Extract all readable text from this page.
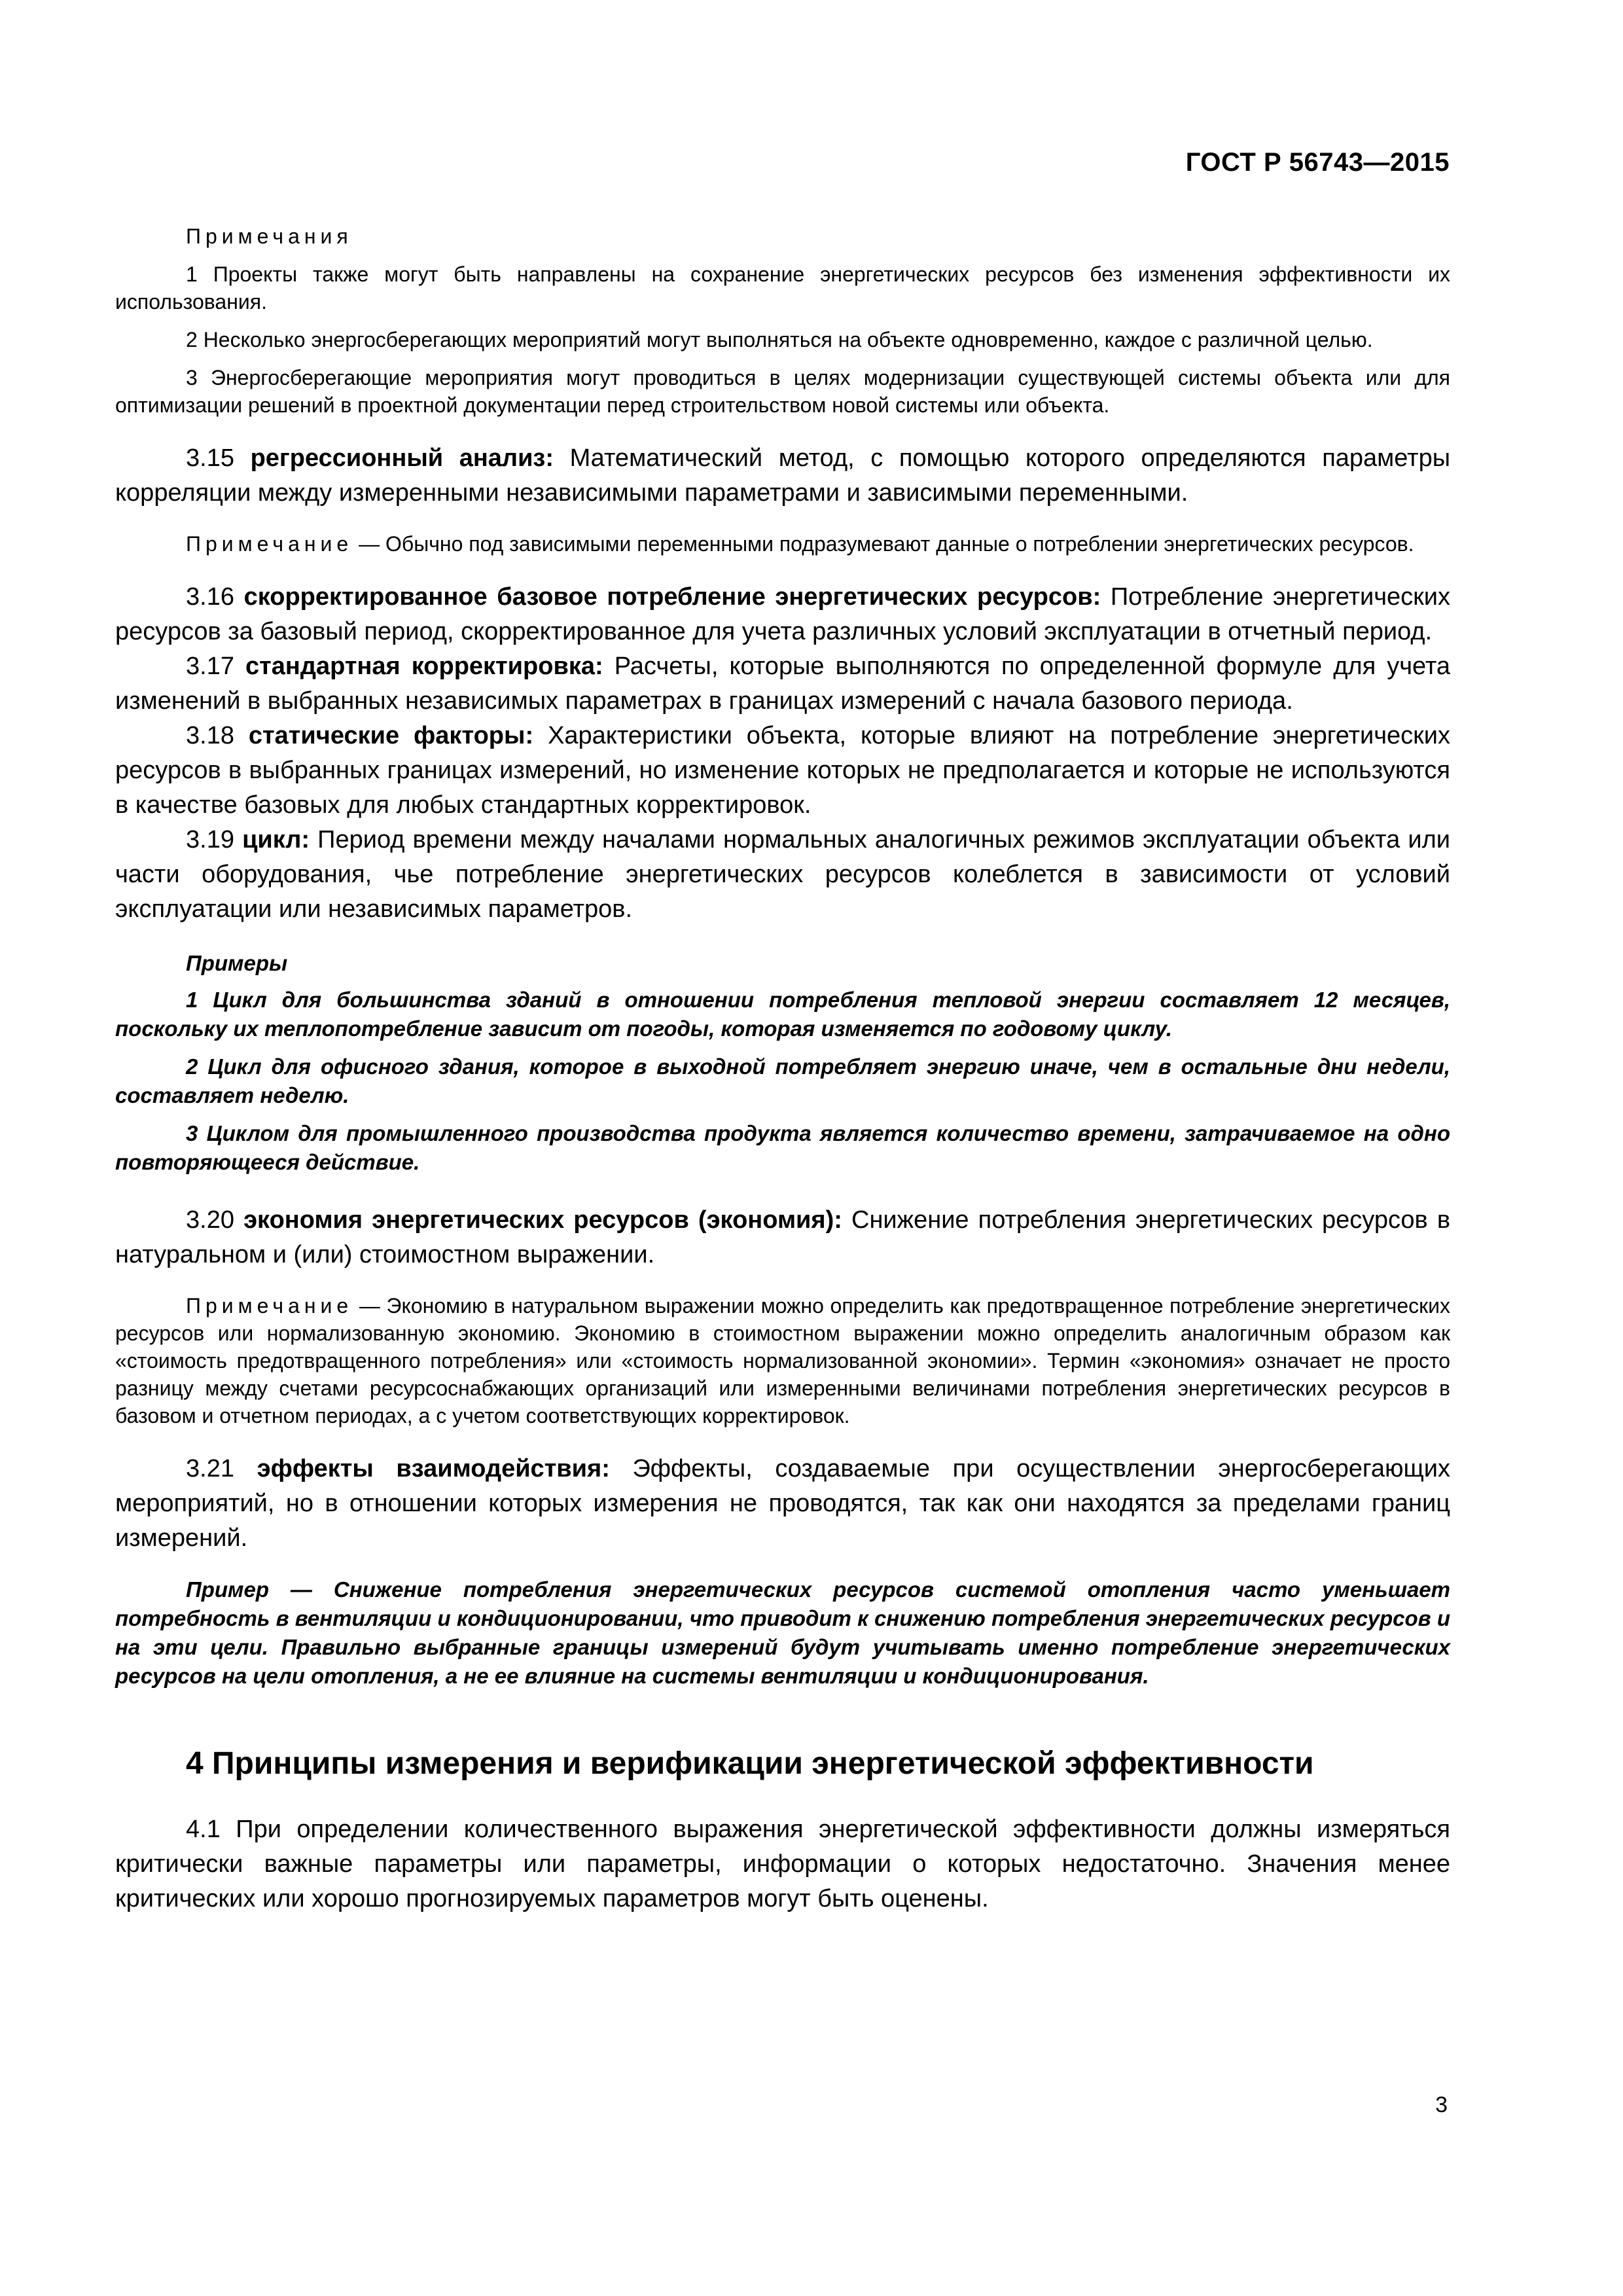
ГОСТ Р 56743—2015

Примечания

1 Проекты также могут быть направлены на сохранение энергетических ресурсов без изменения эффективности их использования.

2 Несколько энергосберегающих мероприятий могут выполняться на объекте одновременно, каждое с различной целью.

3 Энергосберегающие мероприятия могут проводиться в целях модернизации существующей системы объекта или для оптимизации решений в проектной документации перед строительством новой системы или объекта.

3.15 регрессионный анализ: Математический метод, с помощью которого определяются параметры корреляции между измеренными независимыми параметрами и зависимыми переменными.

Примечание — Обычно под зависимыми переменными подразумевают данные о потреблении энергетических ресурсов.

3.16 скорректированное базовое потребление энергетических ресурсов: Потребление энергетических ресурсов за базовый период, скорректированное для учета различных условий эксплуатации в отчетный период.

3.17 стандартная корректировка: Расчеты, которые выполняются по определенной формуле для учета изменений в выбранных независимых параметрах в границах измерений с начала базового периода.

3.18 статические факторы: Характеристики объекта, которые влияют на потребление энергетических ресурсов в выбранных границах измерений, но изменение которых не предполагается и которые не используются в качестве базовых для любых стандартных корректировок.

3.19 цикл: Период времени между началами нормальных аналогичных режимов эксплуатации объекта или части оборудования, чье потребление энергетических ресурсов колеблется в зависимости от условий эксплуатации или независимых параметров.

Примеры

1 Цикл для большинства зданий в отношении потребления тепловой энергии составляет 12 месяцев, поскольку их теплопотребление зависит от погоды, которая изменяется по годовому циклу.

2 Цикл для офисного здания, которое в выходной потребляет энергию иначе, чем в остальные дни недели, составляет неделю.

3 Циклом для промышленного производства продукта является количество времени, затрачиваемое на одно повторяющееся действие.

3.20 экономия энергетических ресурсов (экономия): Снижение потребления энергетических ресурсов в натуральном и (или) стоимостном выражении.

Примечание — Экономию в натуральном выражении можно определить как предотвращенное потребление энергетических ресурсов или нормализованную экономию. Экономию в стоимостном выражении можно определить аналогичным образом как «стоимость предотвращенного потребления» или «стоимость нормализованной экономии». Термин «экономия» означает не просто разницу между счетами ресурсоснабжающих организаций или измеренными величинами потребления энергетических ресурсов в базовом и отчетном периодах, а с учетом соответствующих корректировок.

3.21 эффекты взаимодействия: Эффекты, создаваемые при осуществлении энергосберегающих мероприятий, но в отношении которых измерения не проводятся, так как они находятся за пределами границ измерений.

Пример — Снижение потребления энергетических ресурсов системой отопления часто уменьшает потребность в вентиляции и кондиционировании, что приводит к снижению потребления энергетических ресурсов и на эти цели. Правильно выбранные границы измерений будут учитывать именно потребление энергетических ресурсов на цели отопления, а не ее влияние на системы вентиляции и кондиционирования.

4 Принципы измерения и верификации энергетической эффективности

4.1 При определении количественного выражения энергетической эффективности должны измеряться критически важные параметры или параметры, информации о которых недостаточно. Значения менее критических или хорошо прогнозируемых параметров могут быть оценены.

3
